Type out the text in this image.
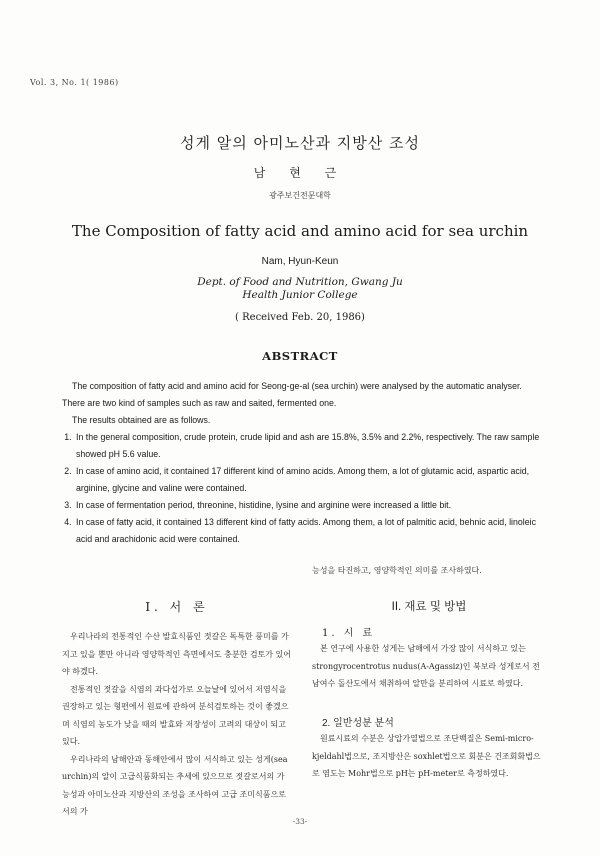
Vol. 3, No. 1( 1986)
성게 알의 아미노산과 지방산 조성
남 현 근
광주보건전문대학
The Composition of fatty acid and amino acid for sea urchin
Nam, Hyun-Keun
Dept. of Food and Nutrition, Gwang Ju
Health Junior College
( Received Feb. 20, 1986)
ABSTRACT

The composition of fatty acid and amino acid for Seong-ge-al (sea urchin) were analysed by the automatic analyser. There are two kind of samples such as raw and saited, fermented one.

The results obtained are as follows.

1. In the general composition, crude protein, crude lipid and ash are 15.8%, 3.5% and 2.2%, respectively. The raw sample showed pH 5.6 value.
2. In case of amino acid, it contained 17 different kind of amino acids. Among them, a lot of glutamic acid, aspartic acid, arginine, glycine and valine were contained.
3. In case of fermentation period, threonine, histidine, lysine and arginine were increased a little bit.
4. In case of fatty acid, it contained 13 different kind of fatty acids. Among them, a lot of palmitic acid, behnic acid, linoleic acid and arachidonic acid were contained.
능성을 타진하고, 영양학적인 의미를 조사하였다.
I. 서 론

우리나라의 전통적인 수산 발효식품인 젓갈은 독특한 풍미를 가지고 있을 뿐만 아니라 영양학적인 측면에서도 충분한 검토가 있어야 하겠다.

전통적인 젓갈을 식염의 과다섭가로 오늘날에 있어서 저염식을 권장하고 있는 형편에서 원료에 관하여 분석검토하는 것이 좋겠으며 식염의 농도가 낮을 때의 발효와 저장성이 고려의 대상이 되고 있다.

우리나라의 남해안과 동해안에서 많이 서식하고 있는 성게(sea urchin)의 알이 고급식품화되는 추세에 있으므로 젓갈로서의 가능성과 아미노산과 지방산의 조성을 조사하여 고급 조미식품으로서의 가

II. 재료 및 방법
1. 시 료

본 연구에 사용한 성게는 남해에서 가장 많이 서식하고 있는 strongyrocentrotus nudus(A-Agassiz)인 북보라 성게로서 전남여수 돌산도에서 채취하여 알만을 분리하여 시료로 하였다.

2. 일반성분 분석

원료시료의 수분은 상압가열법으로 조단백질은 Semi-micro-kjeldahl법으로, 조지방산은 soxhlet법으로 회분은 건조회화법으로 염도는 Mohr법으로 pH는 pH-meter로 측정하였다.

-33-
